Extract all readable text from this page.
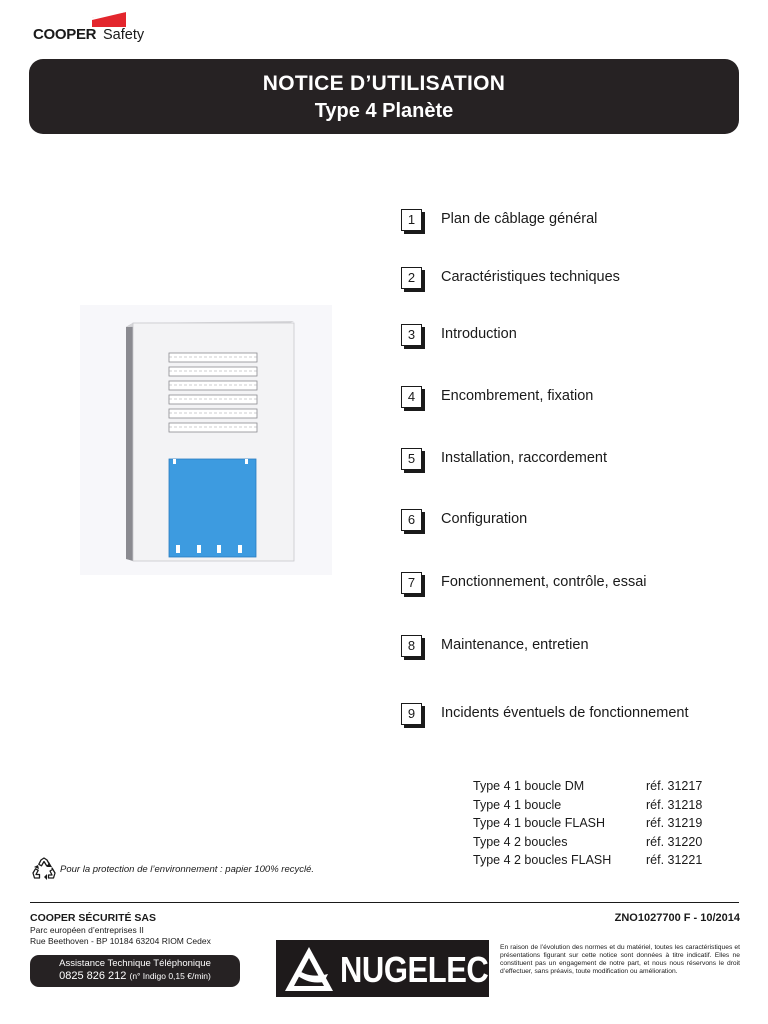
COOPER Safety
NOTICE D’UTILISATION
Type 4 Planète
1	Plan de câblage général
2	Caractéristiques techniques
3	Introduction
4	Encombrement, fixation
5	Installation, raccordement
6	Configuration
7	Fonctionnement, contrôle, essai
8	Maintenance, entretien
9	Incidents éventuels de fonctionnement
Type 4 1 boucle DM	réf. 31217
Type 4 1 boucle	réf. 31218
Type 4 1 boucle FLASH	réf. 31219
Type 4 2 boucles	réf. 31220
Type 4 2 boucles FLASH	réf. 31221
Pour la protection de l’environnement : papier 100% recyclé.
COOPER SÉCURITÉ SAS
Parc européen d’entreprises II
Rue Beethoven - BP 10184 63204 RIOM Cedex
Assistance Technique Téléphonique
0825 826 212 (n° Indigo 0,15 €/min)	NUGELEC
ZNO1027700 F - 10/2014
En raison de l’évolution des normes et du matériel, toutes les caractéristiques et présentations figurant sur cette notice sont données à titre indicatif. Elles ne constituent pas un engagement de notre part, et nous nous réservons le droit d’effectuer, sans préavis, toute modification ou amélioration.
